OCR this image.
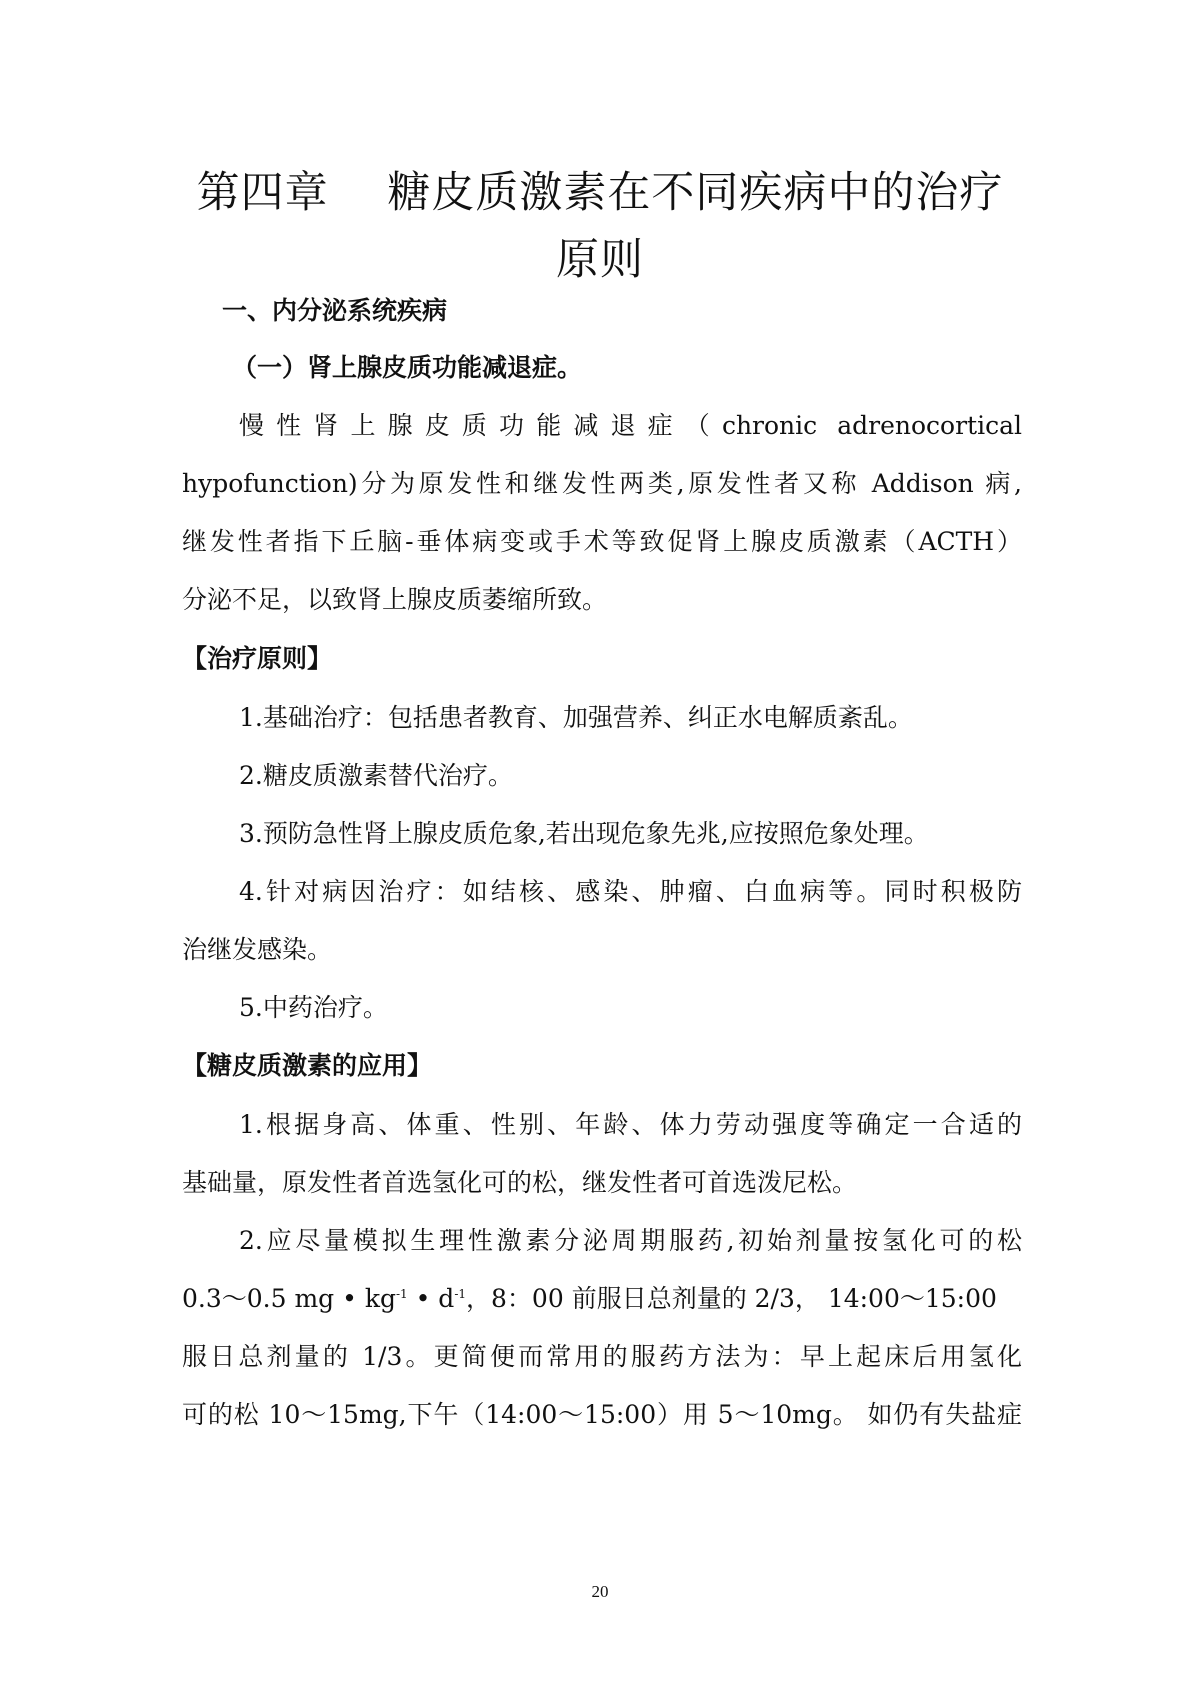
第四章    糖皮质激素在不同疾病中的治疗
原则

一、内分泌系统疾病

（一）肾上腺皮质功能减退症。

慢性肾上腺皮质功能减退症（chronic adrenocortical

hypofunction)分为原发性和继发性两类,原发性者又称 Addison 病,

继发性者指下丘脑-垂体病变或手术等致促肾上腺皮质激素（ACTH）

分泌不足，以致肾上腺皮质萎缩所致。

【治疗原则】

1.基础治疗：包括患者教育、加强营养、纠正水电解质紊乱。

2.糖皮质激素替代治疗。

3.预防急性肾上腺皮质危象,若出现危象先兆,应按照危象处理。

4.针对病因治疗：如结核、感染、肿瘤、白血病等。同时积极防

治继发感染。

5.中药治疗。

【糖皮质激素的应用】

1.根据身高、体重、性别、年龄、体力劳动强度等确定一合适的

基础量，原发性者首选氢化可的松，继发性者可首选泼尼松。

2.应尽量模拟生理性激素分泌周期服药,初始剂量按氢化可的松

0.3～0.5 mg • $kg^{-1}$ • $d^{-1}$，8：00 前服日总剂量的 2/3， 14:00～15:00

服日总剂量的 1/3。更简便而常用的服药方法为：早上起床后用氢化

可的松 10～15mg,下午（14:00～15:00）用 5～10mg。 如仍有失盐症

20
